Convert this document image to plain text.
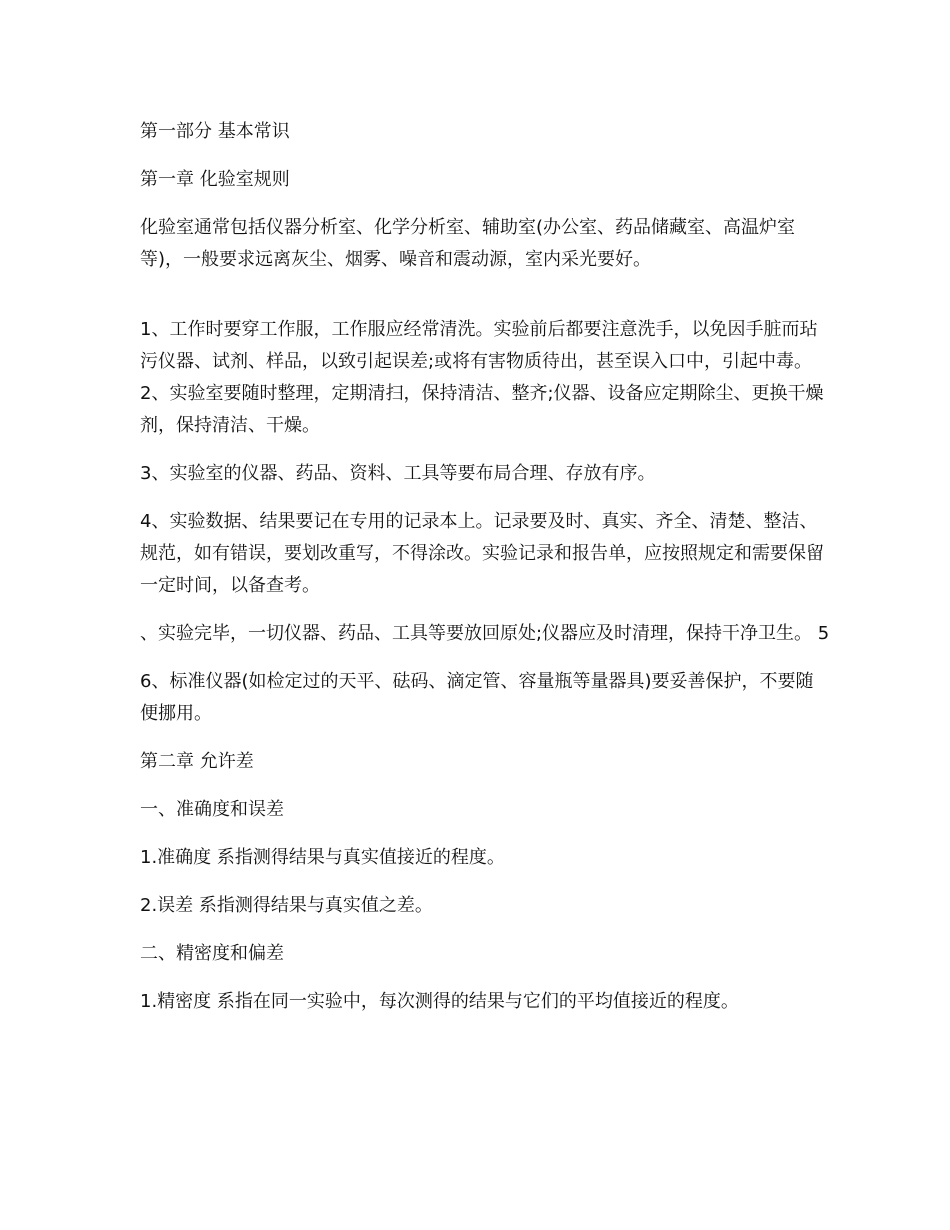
第一部分 基本常识

第一章 化验室规则

化验室通常包括仪器分析室、化学分析室、辅助室(办公室、药品储藏室、高温炉室等)，一般要求远离灰尘、烟雾、噪音和震动源，室内采光要好。

1、工作时要穿工作服，工作服应经常清洗。实验前后都要注意洗手，以免因手脏而玷污仪器、试剂、样品，以致引起误差;或将有害物质待出，甚至误入口中，引起中毒。 2、实验室要随时整理，定期清扫，保持清洁、整齐;仪器、设备应定期除尘、更换干燥剂，保持清洁、干燥。

3、实验室的仪器、药品、资料、工具等要布局合理、存放有序。

4、实验数据、结果要记在专用的记录本上。记录要及时、真实、齐全、清楚、整洁、规范，如有错误，要划改重写，不得涂改。实验记录和报告单，应按照规定和需要保留一定时间，以备查考。

、实验完毕，一切仪器、药品、工具等要放回原处;仪器应及时清理，保持干净卫生。 5

6、标准仪器(如检定过的天平、砝码、滴定管、容量瓶等量器具)要妥善保护，不要随便挪用。

第二章 允许差

一、准确度和误差

1.准确度 系指测得结果与真实值接近的程度。

2.误差 系指测得结果与真实值之差。

二、精密度和偏差

1.精密度 系指在同一实验中，每次测得的结果与它们的平均值接近的程度。
